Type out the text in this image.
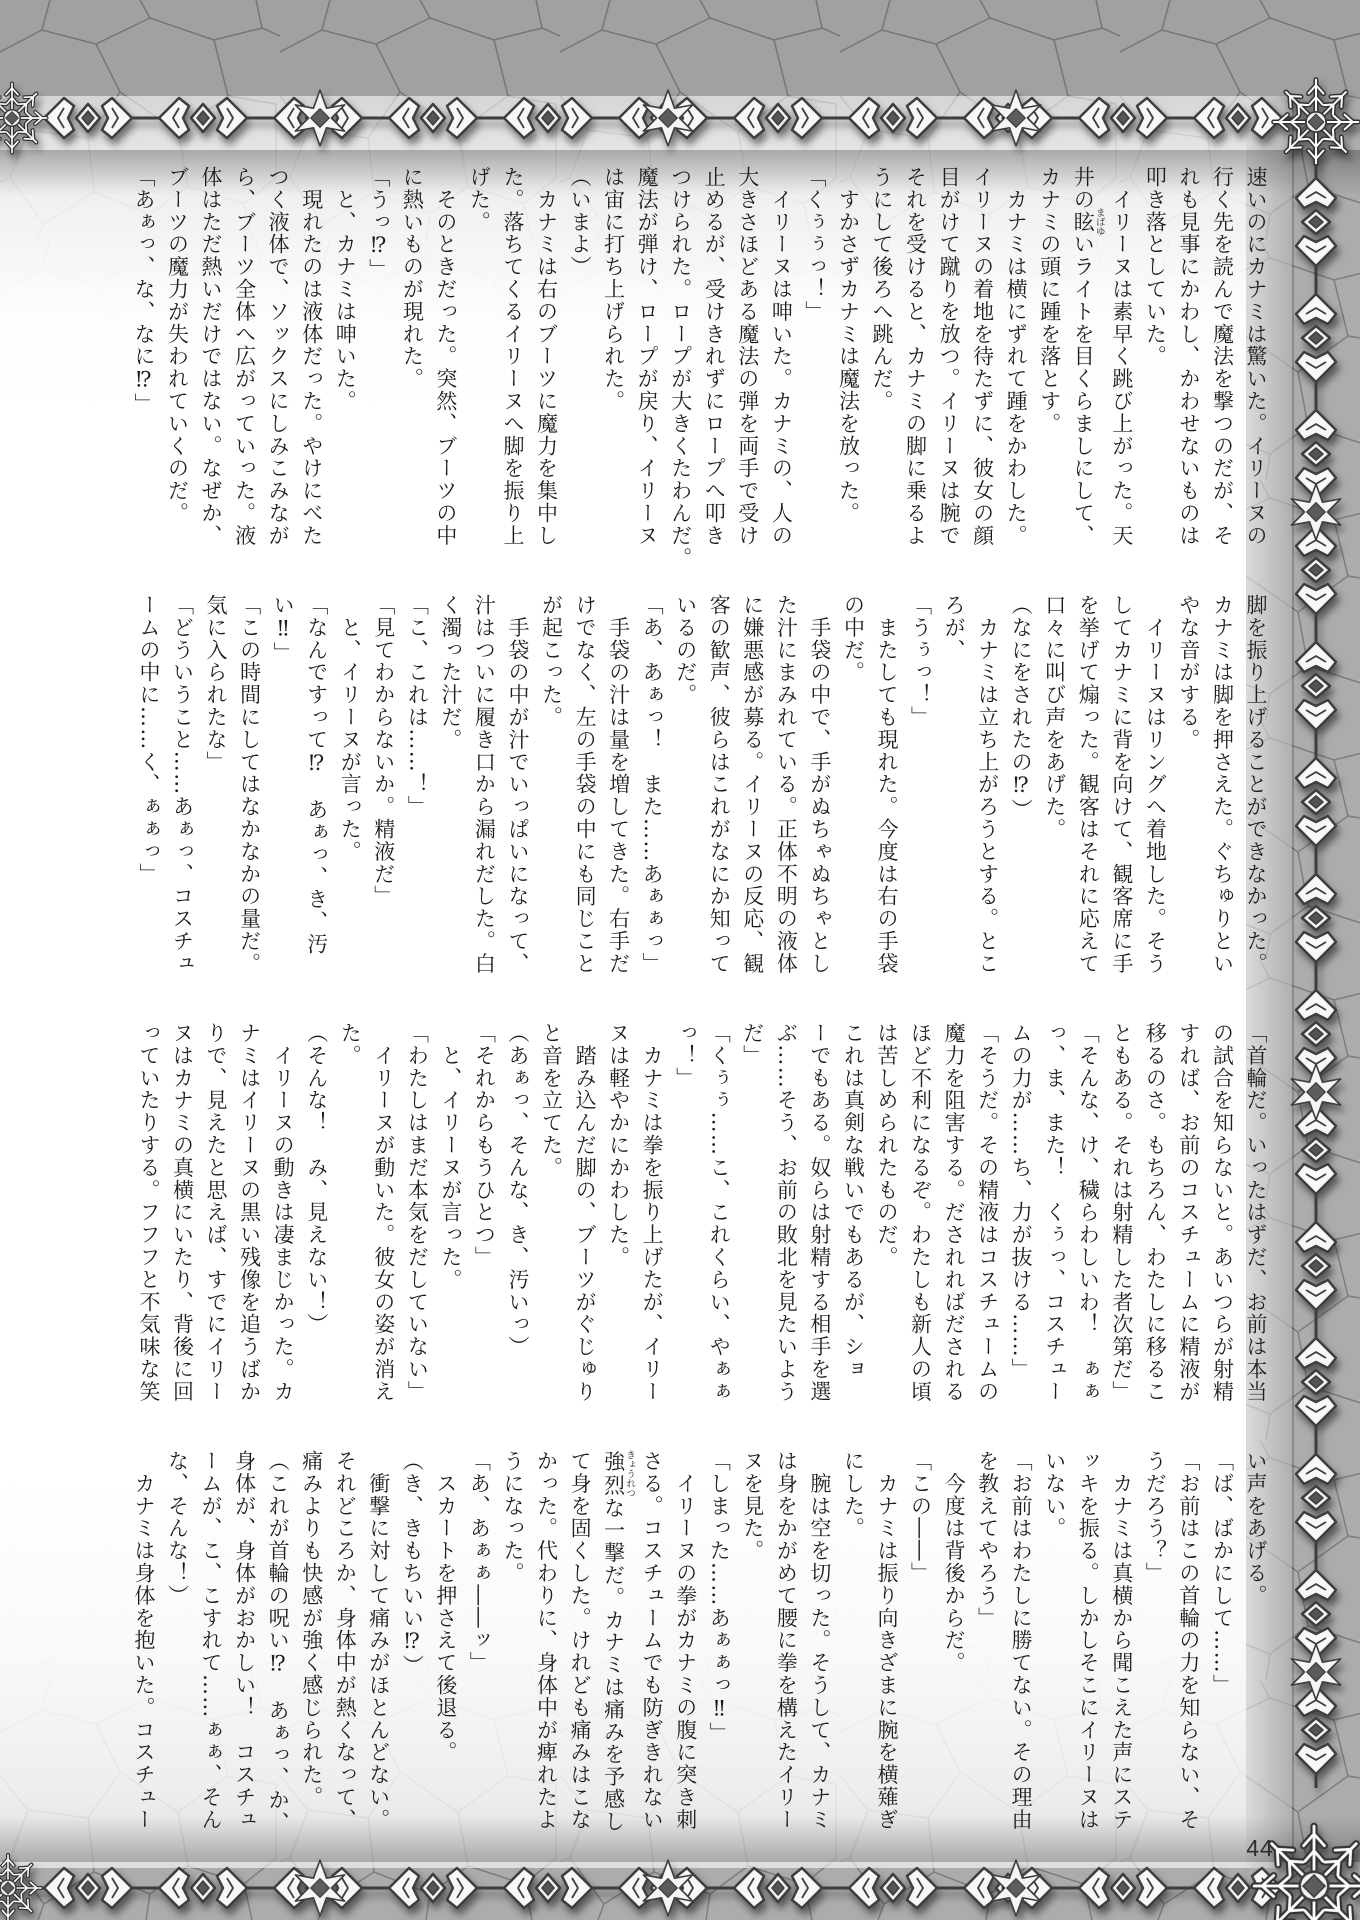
速いのにカナミは驚いた。イリーヌの

行く先を読んで魔法を撃つのだが、そ

れも見事にかわし、かわせないものは

叩き落としていた。

　イリーヌは素早く跳び上がった。天

井の眩まばゆいライトを目くらましにして、

カナミの頭に踵を落とす。

　カナミは横にずれて踵をかわした。

イリーヌの着地を待たずに、彼女の顔

目がけて蹴りを放つ。イリーヌは腕で

それを受けると、カナミの脚に乗るよ

うにして後ろへ跳んだ。

　すかさずカナミは魔法を放った。

「くぅぅっ！」

　イリーヌは呻いた。カナミの、人の

大きさほどある魔法の弾を両手で受け

止めるが、受けきれずにロープへ叩き

つけられた。ロープが大きくたわんだ。

魔法が弾け、ロープが戻り、イリーヌ

は宙に打ち上げられた。

（いまよ）

　カナミは右のブーツに魔力を集中し

た。落ちてくるイリーヌへ脚を振り上

げた。

　そのときだった。突然、ブーツの中

に熱いものが現れた。

「うっ⁉」

　と、カナミは呻いた。

　現れたのは液体だった。やけにべた

つく液体で、ソックスにしみこみなが

ら、ブーツ全体へ広がっていった。液

体はただ熱いだけではない。なぜか、

ブーツの魔力が失われていくのだ。

「あぁっ、な、なに⁉」

脚を振り上げることができなかった。

カナミは脚を押さえた。ぐちゅりとい

やな音がする。

　イリーヌはリングへ着地した。そう

してカナミに背を向けて、観客席に手

を挙げて煽った。観客はそれに応えて

口々に叫び声をあげた。

（なにをされたの⁉）

　カナミは立ち上がろうとする。とこ

ろが、

「うぅっ！」

　またしても現れた。今度は右の手袋

の中だ。

　手袋の中で、手がぬちゃぬちゃとし

た汁にまみれている。正体不明の液体

に嫌悪感が募る。イリーヌの反応、観

客の歓声、彼らはこれがなにか知って

いるのだ。

「あ、あぁっ！　また……あぁぁっ」

　手袋の汁は量を増してきた。右手だ

けでなく、左の手袋の中にも同じこと

が起こった。

　手袋の中が汁でいっぱいになって、

汁はついに履き口から漏れだした。白

く濁った汁だ。

「こ、これは……！」

「見てわからないか。精液だ」

　と、イリーヌが言った。

「なんですって⁉　あぁっ、き、汚

い‼」

「この時間にしてはなかなかの量だ。

気に入られたな」

「どういうこと……あぁっ、コスチュ

ームの中に……く、ぁぁっ」

「首輪だ。いったはずだ、お前は本当

の試合を知らないと。あいつらが射精

すれば、お前のコスチュームに精液が

移るのさ。もちろん、わたしに移るこ

ともある。それは射精した者次第だ」

「そんな、け、穢らわしいわ！　ぁぁ

っ、ま、また！　くぅっ、コスチュー

ムの力が……ち、力が抜ける……」

「そうだ。その精液はコスチュームの

魔力を阻害する。だされればだされる

ほど不利になるぞ。わたしも新人の頃

は苦しめられたものだ。

これは真剣な戦いでもあるが、ショ

ーでもある。奴らは射精する相手を選

ぶ……そう、お前の敗北を見たいよう

だ」

「くぅぅ……こ、これくらい、やぁぁ

っ！」

　カナミは拳を振り上げたが、イリー

ヌは軽やかにかわした。

　踏み込んだ脚の、ブーツがぐじゅり

と音を立てた。

（あぁっ、そんな、き、汚いっ）

「それからもうひとつ」

　と、イリーヌが言った。

「わたしはまだ本気をだしていない」

　イリーヌが動いた。彼女の姿が消え

た。

（そんな！　み、見えない！）

　イリーヌの動きは凄まじかった。カ

ナミはイリーヌの黒い残像を追うばか

りで、見えたと思えば、すでにイリー

ヌはカナミの真横にいたり、背後に回

っていたりする。フフフと不気味な笑

い声をあげる。

「ば、ばかにして……」

「お前はこの首輪の力を知らない、そ

うだろう？」

　カナミは真横から聞こえた声にステ

ッキを振る。しかしそこにイリーヌは

いない。

「お前はわたしに勝てない。その理由

を教えてやろう」

　今度は背後からだ。

「この――」

　カナミは振り向きざまに腕を横薙ぎ

にした。

　腕は空を切った。そうして、カナミ

は身をかがめて腰に拳を構えたイリー

ヌを見た。

「しまった……あぁぁっ‼」

　イリーヌの拳がカナミの腹に突き刺

さる。コスチュームでも防ぎきれない

強烈きょうれつな一撃だ。カナミは痛みを予感し

て身を固くした。けれども痛みはこな

かった。代わりに、身体中が痺れたよ

うになった。

「あ、あぁぁ――ッ」

　スカートを押さえて後退る。

（き、きもちいい⁉）

　衝撃に対して痛みがほとんどない。

それどころか、身体中が熱くなって、

痛みよりも快感が強く感じられた。

（これが首輪の呪い⁉　あぁっ、か、

身体が、身体がおかしい！　コスチュ

ームが、こ、こすれて……ぁぁ、そん

な、そんな！）

　カナミは身体を抱いた。コスチュー

44
